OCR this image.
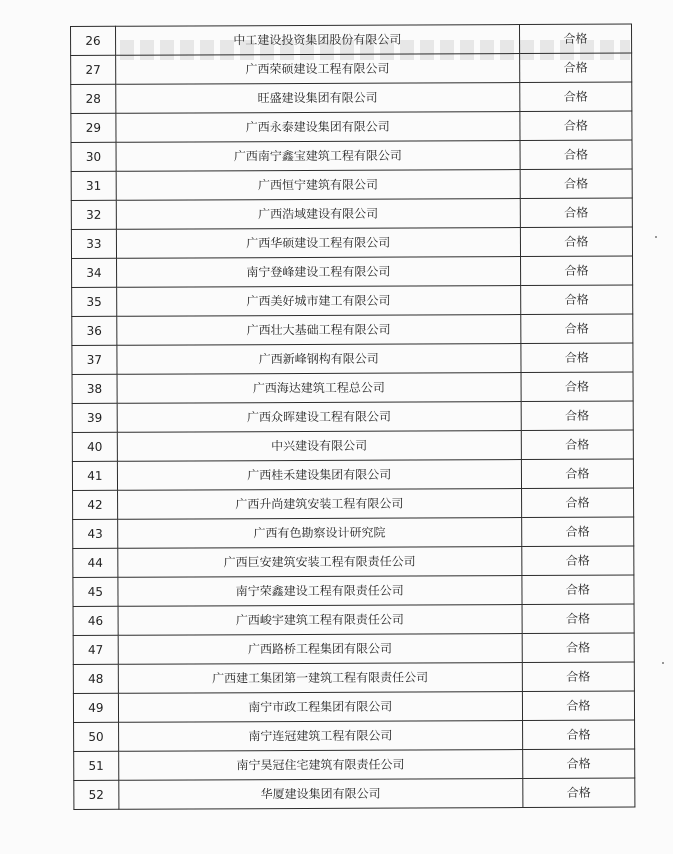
26	中工建设投资集团股份有限公司	合格
27	广西荣硕建设工程有限公司	合格
28	旺盛建设集团有限公司	合格
29	广西永泰建设集团有限公司	合格
30	广西南宁鑫宝建筑工程有限公司	合格
31	广西恒宁建筑有限公司	合格
32	广西浩域建设有限公司	合格
33	广西华硕建设工程有限公司	合格
34	南宁登峰建设工程有限公司	合格
35	广西美好城市建工有限公司	合格
36	广西壮大基础工程有限公司	合格
37	广西新峰钢构有限公司	合格
38	广西海达建筑工程总公司	合格
39	广西众晖建设工程有限公司	合格
40	中兴建设有限公司	合格
41	广西桂禾建设集团有限公司	合格
42	广西升尚建筑安装工程有限公司	合格
43	广西有色勘察设计研究院	合格
44	广西巨安建筑安装工程有限责任公司	合格
45	南宁荣鑫建设工程有限责任公司	合格
46	广西峻宇建筑工程有限责任公司	合格
47	广西路桥工程集团有限公司	合格
48	广西建工集团第一建筑工程有限责任公司	合格
49	南宁市政工程集团有限公司	合格
50	南宁连冠建筑工程有限公司	合格
51	南宁昊冠住宅建筑有限责任公司	合格
52	华厦建设集团有限公司	合格
